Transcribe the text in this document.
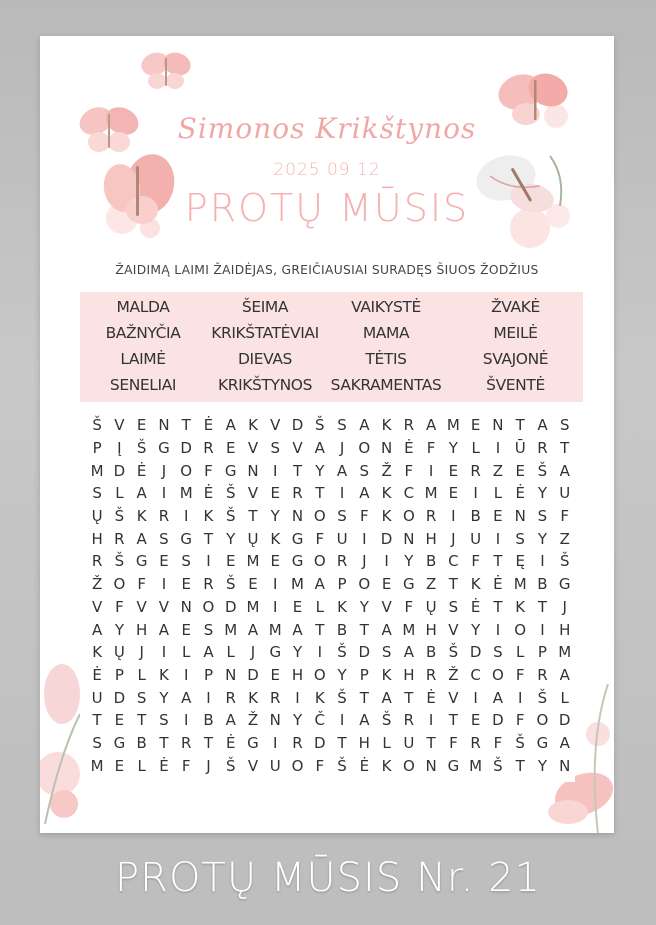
Simonos Krikštynos
2025 09 12
PROTŲ MŪSIS
ŽAIDIMĄ LAIMI ŽAIDĖJAS, GREIČIAUSIAI SURADĘS ŠIUOS ŽODŽIUS
MALDA	ŠEIMA	VAIKYSTĖ	ŽVAKĖ
BAŽNYČIA	KRIKŠTATĖVIAI	MAMA	MEILĖ
LAIMĖ	DIEVAS	TĖTIS	SVAJONĖ
SENELIAI	KRIKŠTYNOS	SAKRAMENTAS	ŠVENTĖ
Š V E N T Ė A K V D Š S A K R A M E N T A S
P	Į	Š G D R E V S V A J O N Ė F Y L	I Ū R T
M D Ė	J O F G N I	T Y A S Ž F	I	E R Z E Š A
S L A I M Ė Š V E R T	I A K C M E	I	L Ė Y U
Ų Š K R I	K Š T Y N O S F K O R I B E N S F
H R A S G T Y Ų K G F U I D N H J U I	S Y Z
R Š G E S	I	E M E G O R J	I	Y B C F T Ę	I	Š
Ž O F	I	E R Š E	I M A P O E G Z T K Ė M B G
V F V V N O D M I	E L K Y V F Ų S Ė T K T	J
A Y H A E S M A M A T B T A M H V Y	I O I H
K Ų J	I	L A L	J G Y	I	Š D S A B Š D S L P M
Ė P L K	I	P N D E H O Y P K H R Ž C O F R A
U D S Y A I R K R I	K Š T A T Ė V I A I	Š L
T E T S	I B A Ž N Y Č I A Š R I	T E D F O D
S G B T R T Ė G I R D T H L U T F R F Š G A
M E L Ė F	J	Š V U O F Š Ė K O N G M Š T Y N
PROTŲ MŪSIS Nr. 21
